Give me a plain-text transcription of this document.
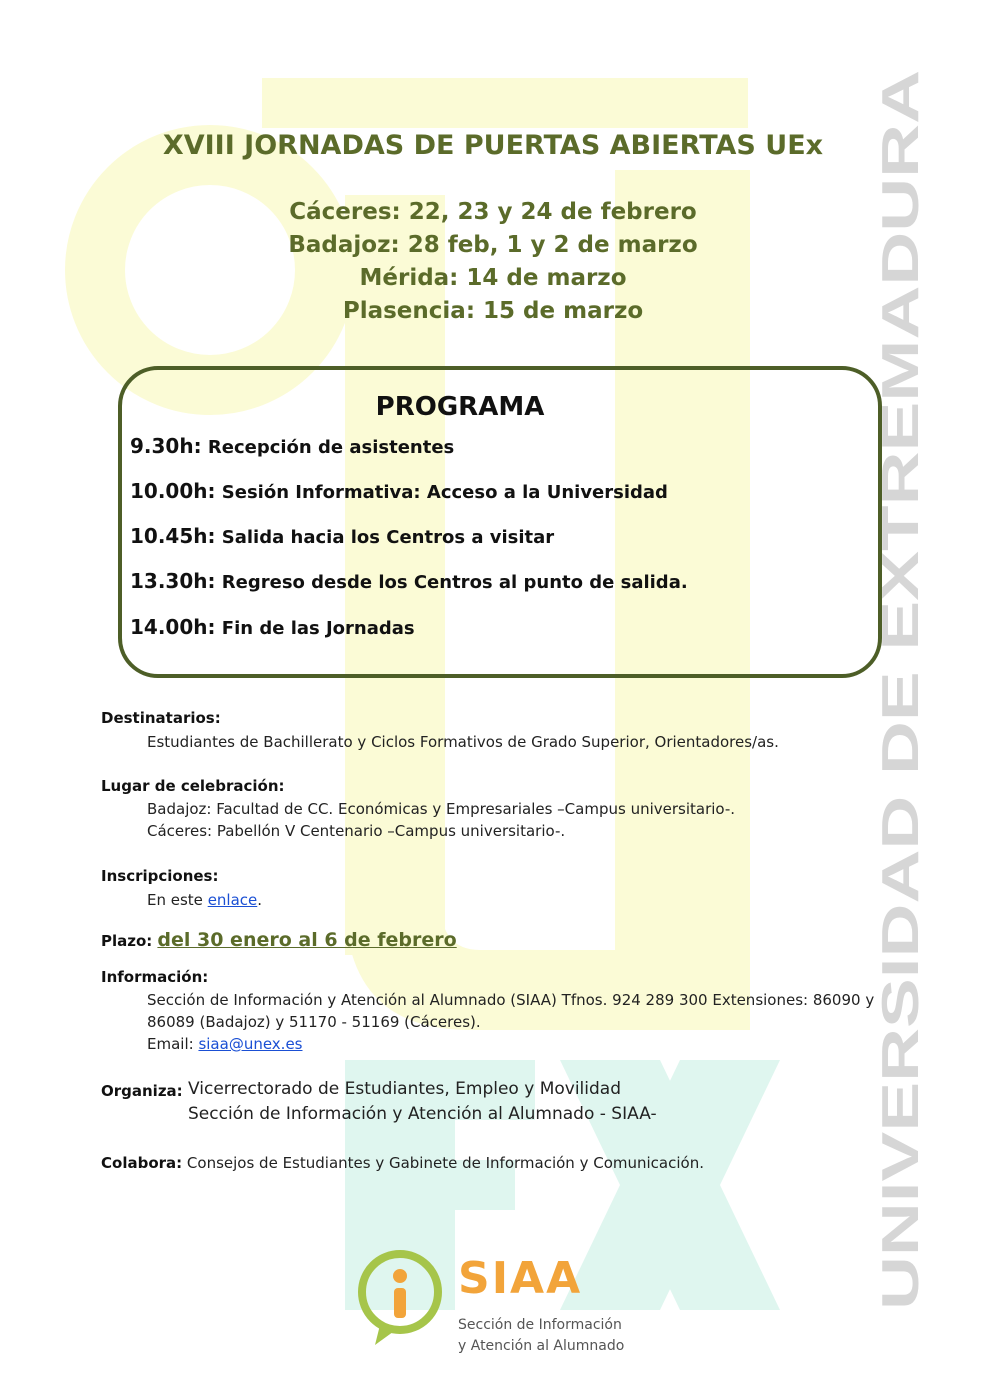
UNIVERSIDAD DE EXTREMADURA
XVIII JORNADAS DE PUERTAS ABIERTAS UEx
Cáceres: 22, 23 y 24 de febrero
Badajoz: 28 feb, 1 y 2 de marzo
Mérida: 14 de marzo
Plasencia: 15 de marzo
PROGRAMA
9.30h: Recepción de asistentes
10.00h: Sesión Informativa: Acceso a la Universidad
10.45h: Salida hacia los Centros a visitar
13.30h: Regreso desde los Centros al punto de salida.
14.00h: Fin de las Jornadas
Destinatarios:
Estudiantes de Bachillerato y Ciclos Formativos de Grado Superior, Orientadores/as.
Lugar de celebración:
Badajoz: Facultad de CC. Económicas y Empresariales –Campus universitario-.
Cáceres: Pabellón V Centenario –Campus universitario-.
Inscripciones:
En este enlace.
Plazo: del 30 enero al 6 de febrero
Información:
Sección de Información y Atención al Alumnado (SIAA) Tfnos. 924 289 300 Extensiones: 86090 y
86089 (Badajoz) y 51170 - 51169 (Cáceres).
Email: siaa@unex.es
Organiza: Vicerrectorado de Estudiantes, Empleo y Movilidad
Sección de Información y Atención al Alumnado - SIAA-
Colabora: Consejos de Estudiantes y Gabinete de Información y Comunicación.
SIAA
Sección de Información
y Atención al Alumnado
